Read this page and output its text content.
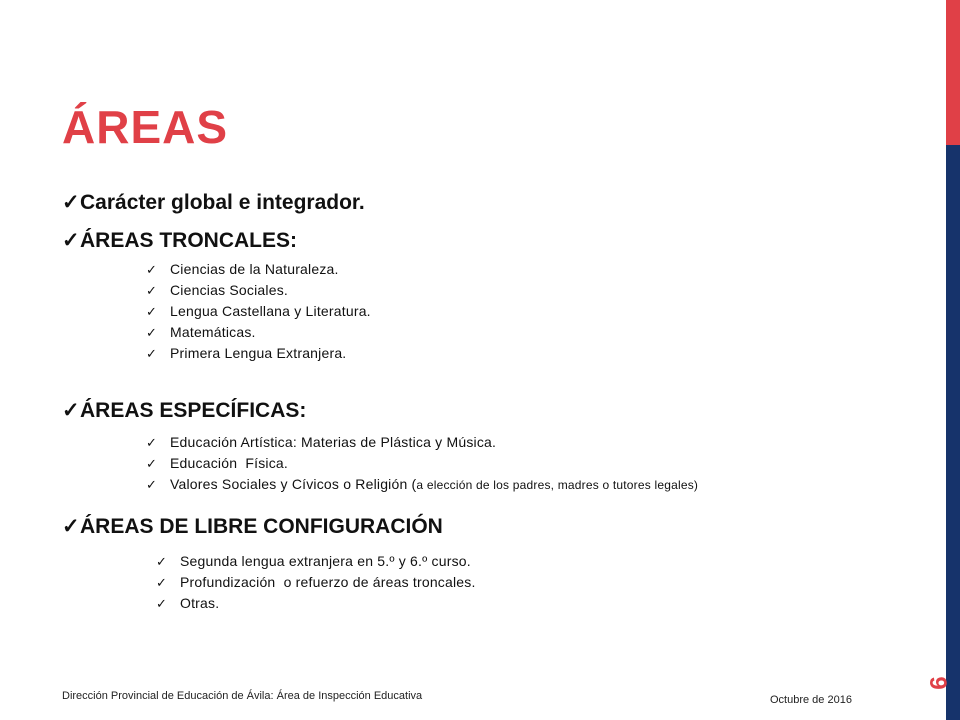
ÁREAS
✓Carácter global e integrador.
✓ÁREAS TRONCALES:
✓ Ciencias de la Naturaleza.
✓ Ciencias Sociales.
✓ Lengua Castellana y Literatura.
✓ Matemáticas.
✓ Primera Lengua Extranjera.
✓ÁREAS ESPECÍFICAS:
✓ Educación Artística: Materias de Plástica y Música.
✓ Educación  Física.
✓ Valores Sociales y Cívicos o Religión (a elección de los padres, madres o tutores legales)
✓ÁREAS DE LIBRE CONFIGURACIÓN
✓ Segunda lengua extranjera en 5.º y 6.º curso.
✓ Profundización  o refuerzo de áreas troncales.
✓ Otras.
Dirección Provincial de Educación de Ávila: Área de Inspección Educativa	Octubre de 2016
9
